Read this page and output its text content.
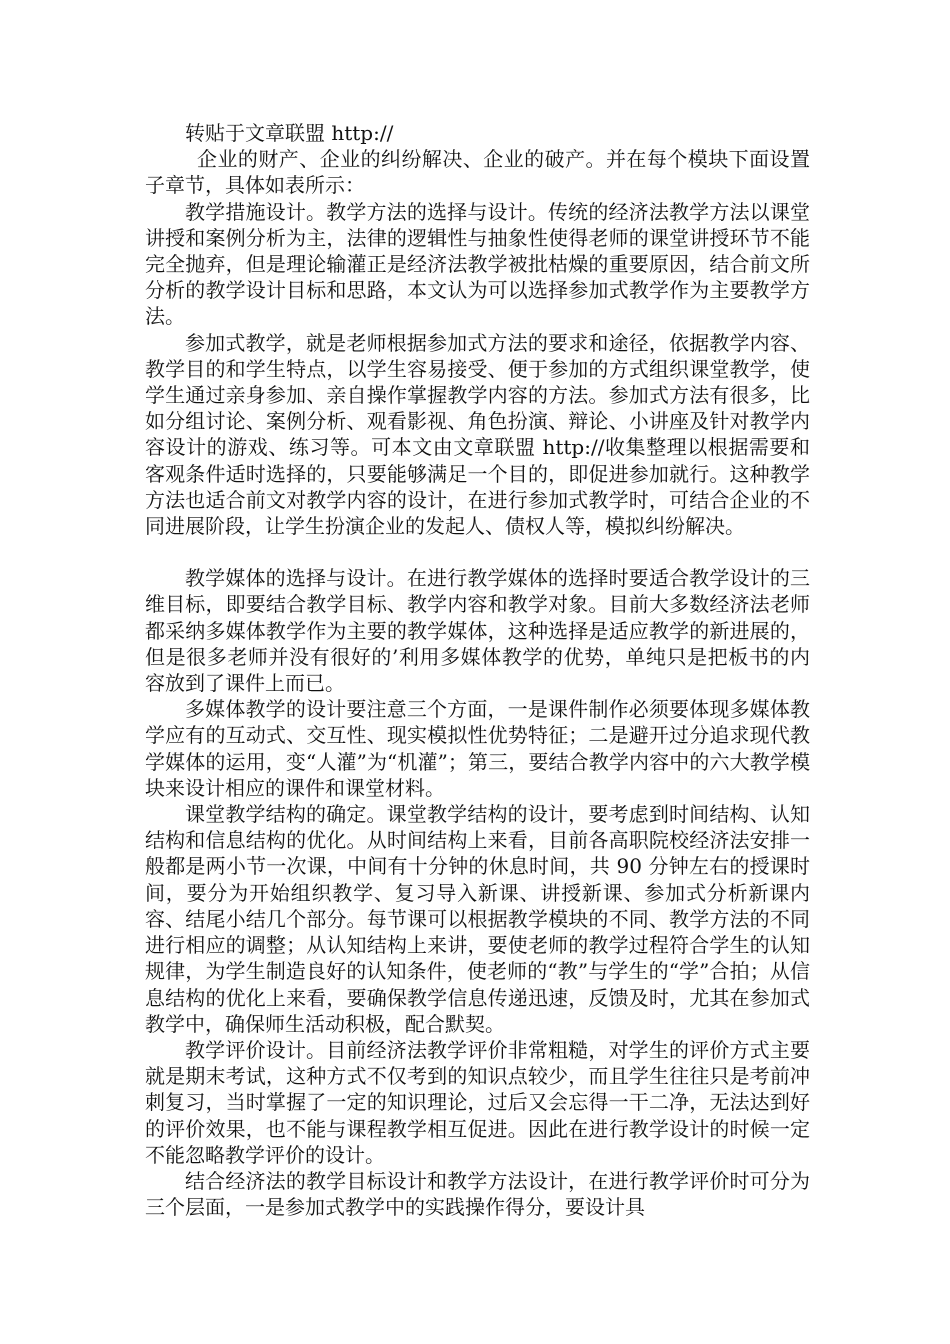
转贴于文章联盟 http://

企业的财产、企业的纠纷解决、企业的破产。并在每个模块下面设置子章节，具体如表所示：

教学措施设计。教学方法的选择与设计。传统的经济法教学方法以课堂讲授和案例分析为主，法律的逻辑性与抽象性使得老师的课堂讲授环节不能完全抛弃，但是理论输灌正是经济法教学被批枯燥的重要原因，结合前文所分析的教学设计目标和思路，本文认为可以选择参加式教学作为主要教学方法。

参加式教学，就是老师根据参加式方法的要求和途径，依据教学内容、教学目的和学生特点，以学生容易接受、便于参加的方式组织课堂教学，使学生通过亲身参加、亲自操作掌握教学内容的方法。参加式方法有很多，比如分组讨论、案例分析、观看影视、角色扮演、辩论、小讲座及针对教学内容设计的游戏、练习等。可本文由文章联盟 http://收集整理以根据需要和客观条件适时选择的，只要能够满足一个目的，即促进参加就行。这种教学方法也适合前文对教学内容的设计，在进行参加式教学时，可结合企业的不同进展阶段，让学生扮演企业的发起人、债权人等，模拟纠纷解决。

教学媒体的选择与设计。在进行教学媒体的选择时要适合教学设计的三维目标，即要结合教学目标、教学内容和教学对象。目前大多数经济法老师都采纳多媒体教学作为主要的教学媒体，这种选择是适应教学的新进展的，但是很多老师并没有很好的’利用多媒体教学的优势，单纯只是把板书的内容放到了课件上而已。

多媒体教学的设计要注意三个方面，一是课件制作必须要体现多媒体教学应有的互动式、交互性、现实模拟性优势特征；二是避开过分追求现代教学媒体的运用，变“人灌”为“机灌”；第三，要结合教学内容中的六大教学模块来设计相应的课件和课堂材料。

课堂教学结构的确定。课堂教学结构的设计，要考虑到时间结构、认知结构和信息结构的优化。从时间结构上来看，目前各高职院校经济法安排一般都是两小节一次课，中间有十分钟的休息时间，共 90 分钟左右的授课时间，要分为开始组织教学、复习导入新课、讲授新课、参加式分析新课内容、结尾小结几个部分。每节课可以根据教学模块的不同、教学方法的不同进行相应的调整；从认知结构上来讲，要使老师的教学过程符合学生的认知规律，为学生制造良好的认知条件，使老师的“教”与学生的“学”合拍；从信息结构的优化上来看，要确保教学信息传递迅速，反馈及时，尤其在参加式教学中，确保师生活动积极，配合默契。

教学评价设计。目前经济法教学评价非常粗糙，对学生的评价方式主要就是期末考试，这种方式不仅考到的知识点较少，而且学生往往只是考前冲刺复习，当时掌握了一定的知识理论，过后又会忘得一干二净，无法达到好的评价效果，也不能与课程教学相互促进。因此在进行教学设计的时候一定不能忽略教学评价的设计。

结合经济法的教学目标设计和教学方法设计，在进行教学评价时可分为三个层面，一是参加式教学中的实践操作得分，要设计具
